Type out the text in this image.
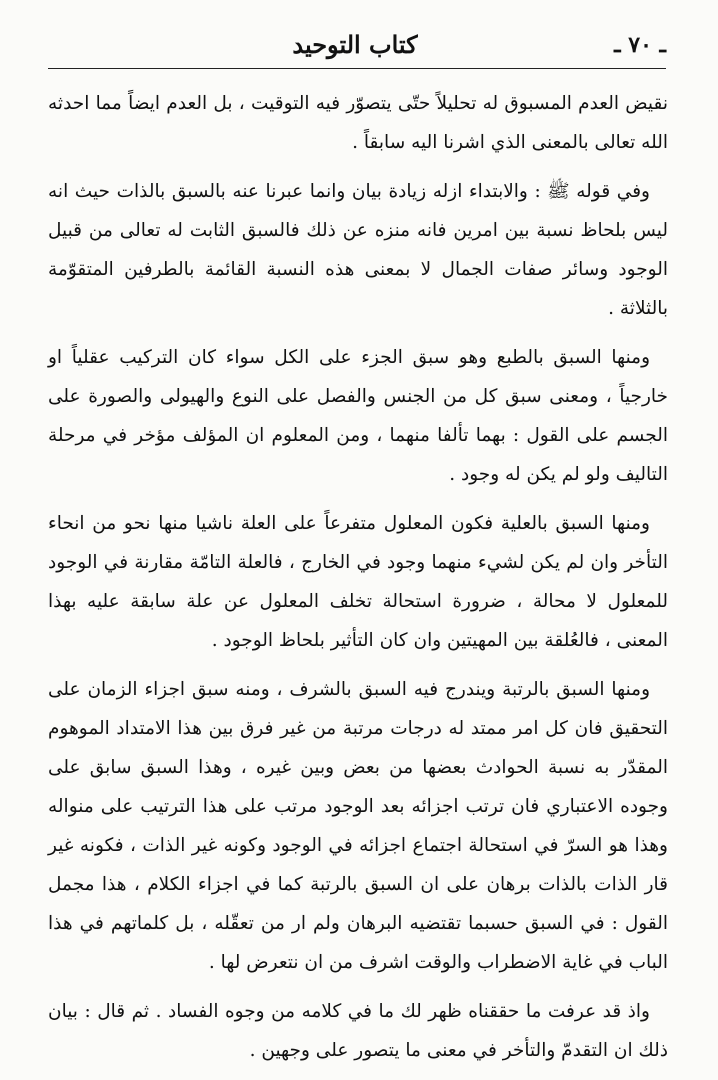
ـ ٧٠ ـ
كتاب التوحيد

نقيض العدم المسبوق له تحليلاً حتّى يتصوّر فيه التوقيت ، بل العدم ايضاً مما احدثه الله تعالى بالمعنى الذي اشرنا اليه سابقاً .

وفي قوله ﷺ : والابتداء ازله زيادة بيان وانما عبرنا عنه بالسبق بالذات حيث انه ليس بلحاظ نسبة بين امرين فانه منزه عن ذلك فالسبق الثابت له تعالى من قبيل الوجود وسائر صفات الجمال لا بمعنى هذه النسبة القائمة بالطرفين المتقوّمة بالثلاثة .

ومنها السبق بالطبع وهو سبق الجزء على الكل سواء كان التركيب عقلياً او خارجياً ، ومعنى سبق كل من الجنس والفصل على النوع والهيولى والصورة على الجسم على القول : بهما تألفا منهما ، ومن المعلوم ان المؤلف مؤخر في مرحلة التاليف ولو لم يكن له وجود .

ومنها السبق بالعلية فكون المعلول متفرعاً على العلة ناشيا منها نحو من انحاء التأخر وان لم يكن لشيء منهما وجود في الخارج ، فالعلة التامّة مقارنة في الوجود للمعلول لا محالة ، ضرورة استحالة تخلف المعلول عن علة سابقة عليه بهذا المعنى ، فالعُلقة بين المهيتين وان كان التأثير بلحاظ الوجود .

ومنها السبق بالرتبة ويندرج فيه السبق بالشرف ، ومنه سبق اجزاء الزمان على التحقيق فان كل امر ممتد له درجات مرتبة من غير فرق بين هذا الامتداد الموهوم المقدّر به نسبة الحوادث بعضها من بعض وبين غيره ، وهذا السبق سابق على وجوده الاعتباري فان ترتب اجزائه بعد الوجود مرتب على هذا الترتيب على منواله وهذا هو السرّ في استحالة اجتماع اجزائه في الوجود وكونه غير الذات ، فكونه غير قار الذات بالذات برهان على ان السبق بالرتبة كما في اجزاء الكلام ، هذا مجمل القول : في السبق حسبما تقتضيه البرهان ولم ار من تعقّله ، بل كلماتهم في هذا الباب في غاية الاضطراب والوقت اشرف من ان نتعرض لها .

واذ قد عرفت ما حققناه ظهر لك ما في كلامه من وجوه الفساد . ثم قال : بيان ذلك ان التقدمّ والتأخر في معنى ما يتصور على وجهين .
